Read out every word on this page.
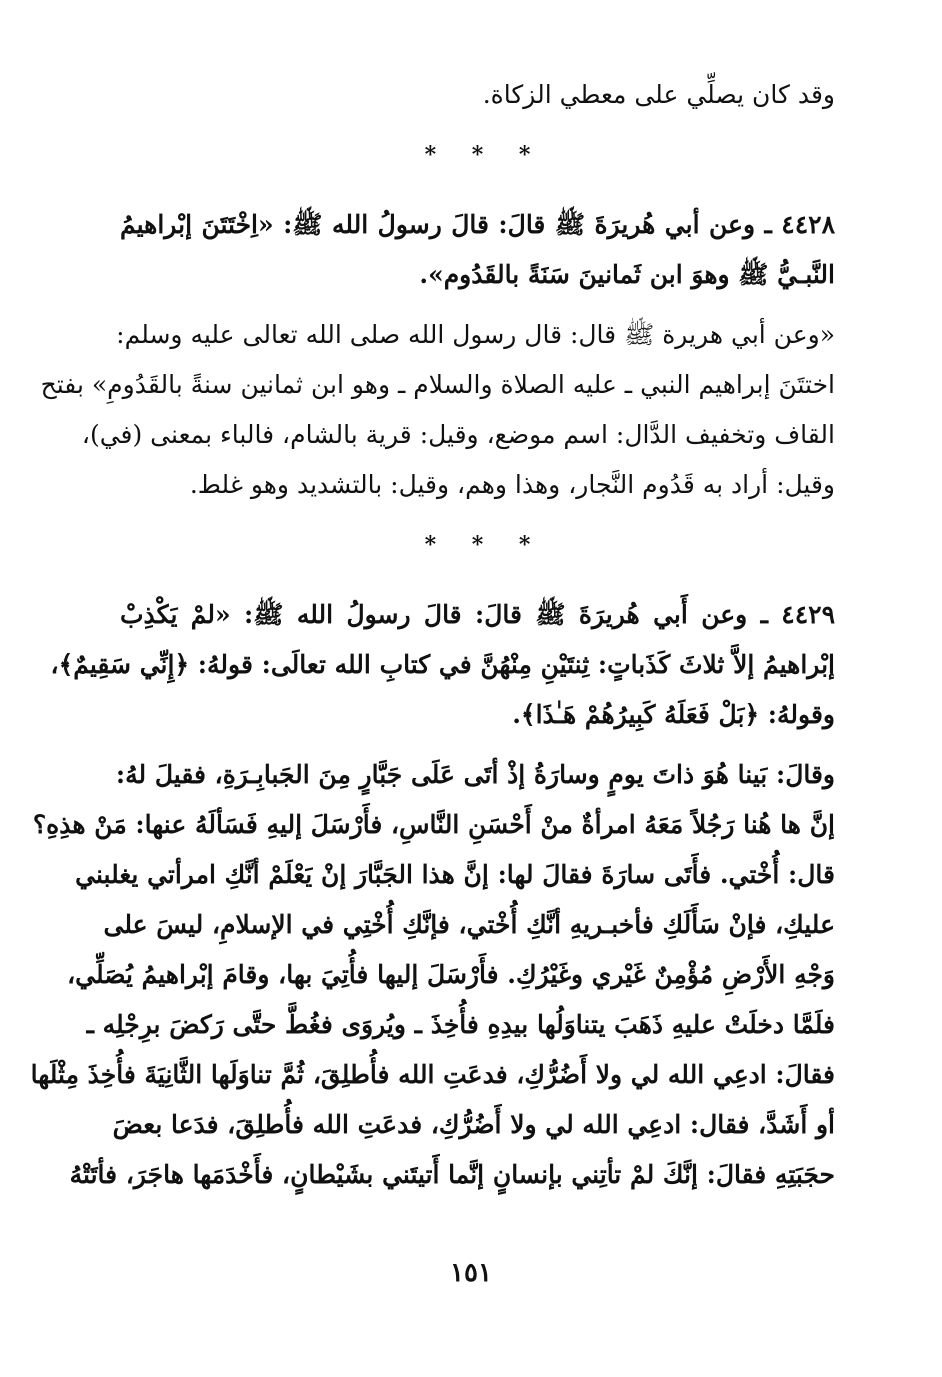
وقد كان يصلِّي على معطي الزكاة.
* * *
٤٤٢٨ ـ وعن أبي هُريرَةَ ﷺ قالَ: قالَ رسولُ الله ﷺ: «اِخْتَتَنَ إبْراهيمُ
النَّبـيُّ ﷺ وهوَ ابن ثَمانينَ سَنَةً بالقَدُوم».
«وعن أبي هريرة ﷺ قال: قال رسول الله صلى الله تعالى عليه وسلم:
اختتَنَ إبراهيم النبي ـ عليه الصلاة والسلام ـ وهو ابن ثمانين سنةً بالقَدُومِ» بفتح
القاف وتخفيف الدَّال: اسم موضع، وقيل: قرية بالشام، فالباء بمعنى (في)،
وقيل: أراد به قَدُوم النَّجار، وهذا وهم، وقيل: بالتشديد وهو غلط.
* * *
٤٤٢٩ ـ وعن أَبي هُريرَةَ ﷺ قالَ: قالَ رسولُ الله ﷺ: «لمْ يَكْذِبْ
إبْراهيمُ إلاَّ ثلاثَ كَذَباتٍ: ثِنتَيْنِ مِنْهُنَّ في كتابِ الله تعالَى: قولهُ: ﴿إِنِّي سَقِيمٌ﴾،
وقولهُ: ﴿بَلْ فَعَلَهُ كَبِيرُهُمْ هَـٰذَا﴾.
وقالَ: بَينا هُوَ ذاتَ يومٍ وسارَةُ إذْ أتَى عَلَى جَبَّارٍ مِنَ الجَبابِـرَةِ، فقيلَ لهُ:
إنَّ ها هُنا رَجُلاً مَعَهُ امرأةٌ منْ أَحْسَنِ النَّاسِ، فأَرْسَلَ إليهِ فَسَألَهُ عنها: مَنْ هذِهِ؟
قال: أُخْتي. فأَتَى سارَةَ فقالَ لها: إنَّ هذا الجَبَّارَ إنْ يَعْلَمْ أنَّكِ امرأتي يغلبني
عليكِ، فإنْ سَأَلَكِ فأخبـريهِ أنَّكِ أُخْتي، فإنَّكِ أُخْتِي في الإسلامِ، ليسَ على
وَجْهِ الأَرْضِ مُؤْمِنٌ غَيْري وغَيْرُكِ. فأَرْسَلَ إليها فأُتِيَ بها، وقامَ إبْراهيمُ يُصَلِّي،
فلَمَّا دخلَتْ عليهِ ذَهَبَ يتناوَلُها بيدِهِ فأُخِذَ ـ ويُروَى فغُطَّ حتَّى رَكضَ برِجْلِه ـ
فقالَ: ادعِي الله لي ولا أَضُرُّكِ، فدعَتِ الله فأُطلِقَ، ثُمَّ تناوَلَها الثَّانِيَةَ فأُخِذَ مِثْلَها
أو أَشَدَّ، فقال: ادعِي الله لي ولا أَضُرُّكِ، فدعَتِ الله فأُطلِقَ، فدَعا بعضَ
حجَبَتِهِ فقالَ: إنَّكَ لمْ تأتِني بإنسانٍ إنَّما أَتيتَني بشَيْطانٍ، فأَخْدَمَها هاجَرَ، فأتَتْهُ
١٥١
